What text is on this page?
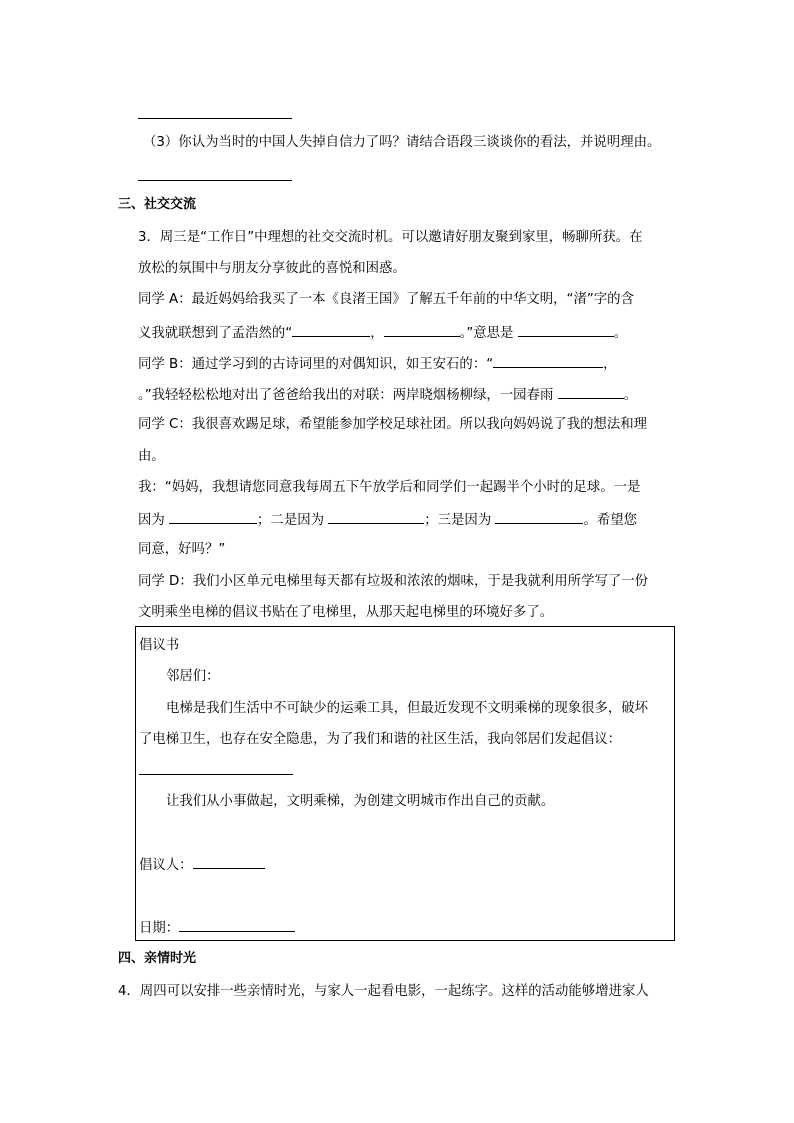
（3）你认为当时的中国人失掉自信力了吗？请结合语段三谈谈你的看法，并说明理由。
三、社交交流
3．周三是“工作日”中理想的社交交流时机。可以邀请好朋友聚到家里，畅聊所获。在
放松的氛围中与朋友分享彼此的喜悦和困惑。
同学 A：最近妈妈给我买了一本《良渚王国》了解五千年前的中华文明，“渚”字的含
义我就联想到了孟浩然的“	，	。”意思是	。
同学 B：通过学习到的古诗词里的对偶知识，如王安石的：“	，
。”我轻轻松松地对出了爸爸给我出的对联：两岸晓烟杨柳绿，一园春雨	。
同学 C：我很喜欢踢足球，希望能参加学校足球社团。所以我向妈妈说了我的想法和理
由。
我：“妈妈，我想请您同意我每周五下午放学后和同学们一起踢半个小时的足球。一是
因为	；二是因为	；三是因为	。希望您
同意，好吗？”
同学 D：我们小区单元电梯里每天都有垃圾和浓浓的烟味，于是我就利用所学写了一份
文明乘坐电梯的倡议书贴在了电梯里，从那天起电梯里的环境好多了。
倡议书
邻居们：
电梯是我们生活中不可缺少的运乘工具，但最近发现不文明乘梯的现象很多，破坏
了电梯卫生，也存在安全隐患，为了我们和谐的社区生活，我向邻居们发起倡议：
让我们从小事做起，文明乘梯，为创建文明城市作出自己的贡献。
倡议人：
日期：
四、亲情时光
4．周四可以安排一些亲情时光，与家人一起看电影，一起练字。这样的活动能够增进家人
